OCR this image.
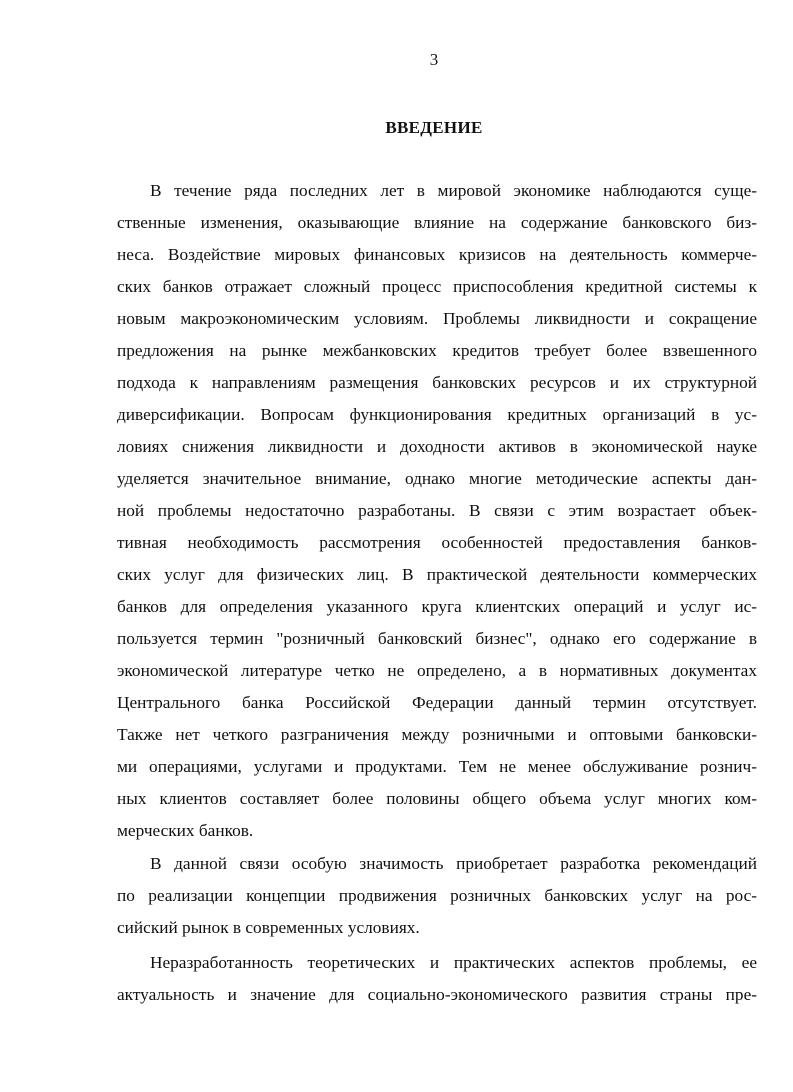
3
ВВЕДЕНИЕ
В течение ряда последних лет в мировой экономике наблюдаются суще-
ственные изменения, оказывающие влияние на содержание банковского биз-
неса. Воздействие мировых финансовых кризисов на деятельность коммерче-
ских банков отражает сложный процесс приспособления кредитной системы к
новым макроэкономическим условиям. Проблемы ликвидности и сокращение
предложения на рынке межбанковских кредитов требует более взвешенного
подхода к направлениям размещения банковских ресурсов и их структурной
диверсификации. Вопросам функционирования кредитных организаций в ус-
ловиях снижения ликвидности и доходности активов в экономической науке
уделяется значительное внимание, однако многие методические аспекты дан-
ной проблемы недостаточно разработаны. В связи с этим возрастает объек-
тивная необходимость рассмотрения особенностей предоставления банков-
ских услуг для физических лиц. В практической деятельности коммерческих
банков для определения указанного круга клиентских операций и услуг ис-
пользуется термин "розничный банковский бизнес", однако его содержание в
экономической литературе четко не определено, а в нормативных документах
Центрального банка Российской Федерации данный термин отсутствует.
Также нет четкого разграничения между розничными и оптовыми банковски-
ми операциями, услугами и продуктами. Тем не менее обслуживание рознич-
ных клиентов составляет более половины общего объема услуг многих ком-
мерческих банков.
В данной связи особую значимость приобретает разработка рекомендаций
по реализации концепции продвижения розничных банковских услуг на рос-
сийский рынок в современных условиях.
Неразработанность теоретических и практических аспектов проблемы, ее
актуальность и значение для социально-экономического развития страны пре-
